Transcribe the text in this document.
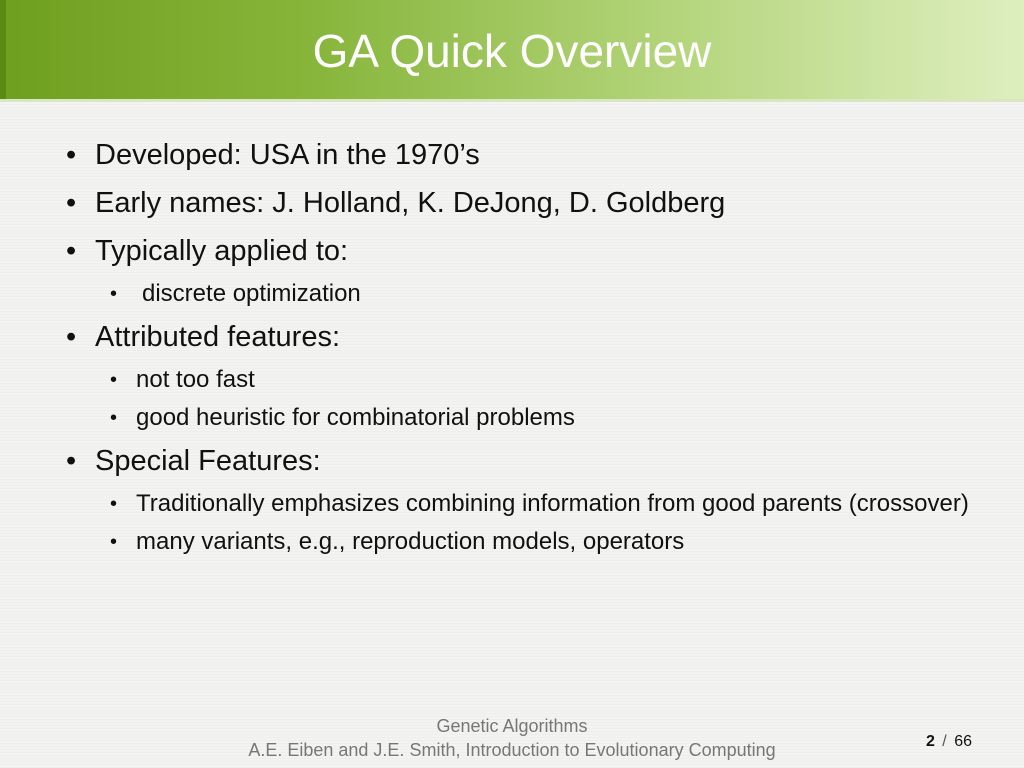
GA Quick Overview
• Developed: USA in the 1970’s
• Early names: J. Holland, K. DeJong, D. Goldberg
• Typically applied to:
• discrete optimization
• Attributed features:
• not too fast
• good heuristic for combinatorial problems
• Special Features:
• Traditionally emphasizes combining information from good parents (crossover)
• many variants, e.g., reproduction models, operators
Genetic Algorithms
A.E. Eiben and J.E. Smith, Introduction to Evolutionary Computing	2 / 66
